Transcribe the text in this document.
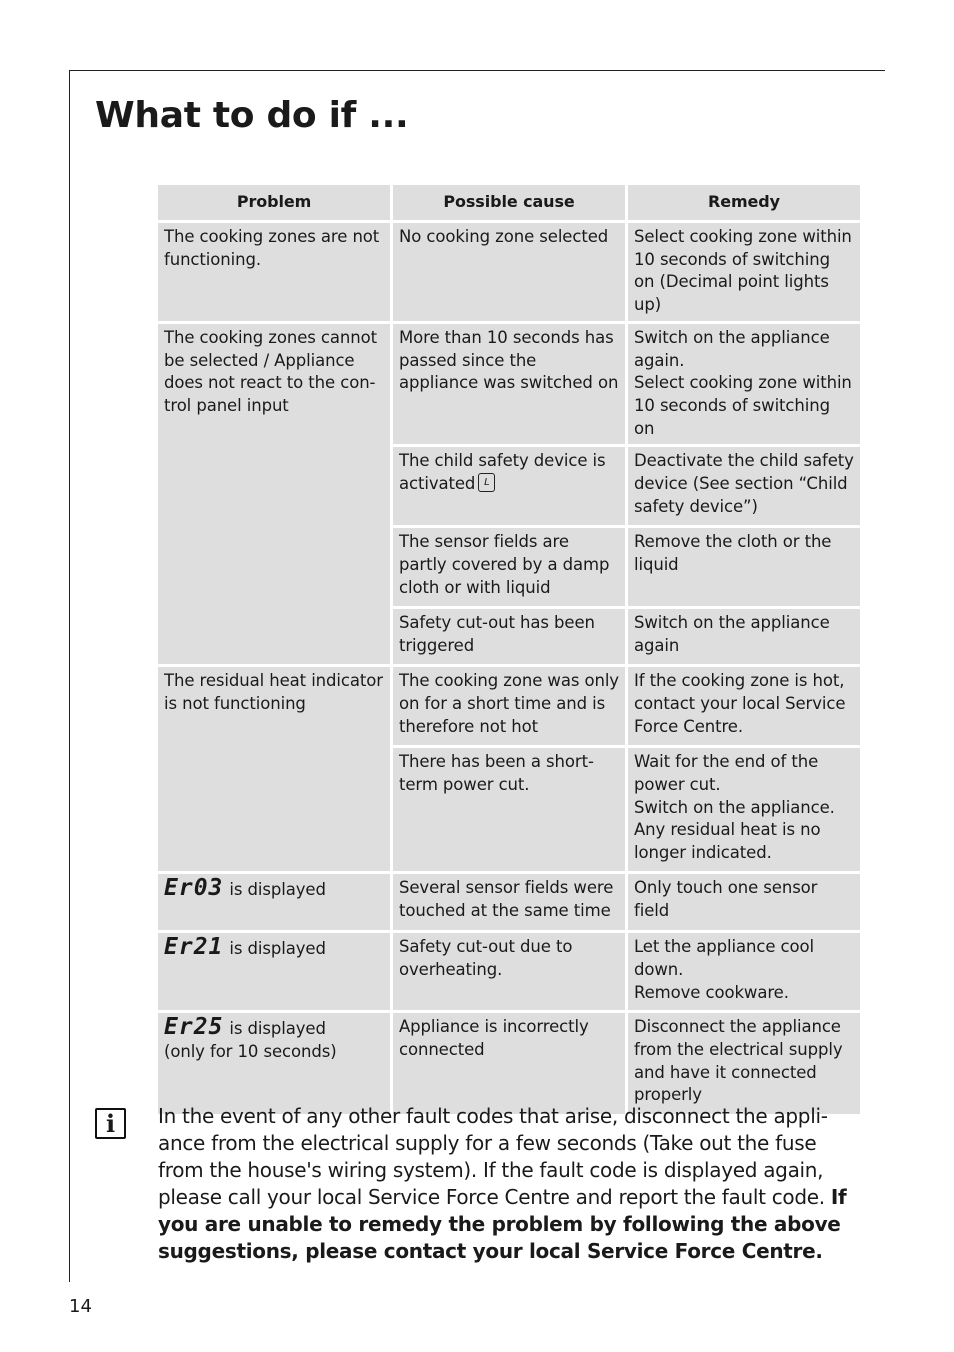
What to do if ...
Problem	Possible cause	Remedy
The cooking zones are not functioning.	No cooking zone selected	Select cooking zone within 10 seconds of switching on (Decimal point lights up)
The cooking zones cannot be selected / Appliance does not react to the con-trol panel input	More than 10 seconds has passed since the appliance was switched on	Switch on the appliance again.
Select cooking zone within 10 seconds of switching on
	The child safety device is activated L	Deactivate the child safety device (See section “Child safety device”)
	The sensor fields are partly covered by a damp cloth or with liquid	Remove the cloth or the liquid
	Safety cut-out has been triggered	Switch on the appliance again
The residual heat indicator is not functioning	The cooking zone was only on for a short time and is therefore not hot	If the cooking zone is hot, contact your local Service Force Centre.
	There has been a short-term power cut.	Wait for the end of the power cut.
Switch on the appliance.
Any residual heat is no longer indicated.
Er03 is displayed	Several sensor fields were touched at the same time	Only touch one sensor field
Er21 is displayed	Safety cut-out due to overheating.	Let the appliance cool down.
Remove cookware.
Er25 is displayed
(only for 10 seconds)	Appliance is incorrectly connected	Disconnect the appliance from the electrical supply and have it connected properly
i	In the event of any other fault codes that arise, disconnect the appli-ance from the electrical supply for a few seconds (Take out the fuse from the house's wiring system). If the fault code is displayed again, please call your local Service Force Centre and report the fault code. If you are unable to remedy the problem by following the above suggestions, please contact your local Service Force Centre.

14
